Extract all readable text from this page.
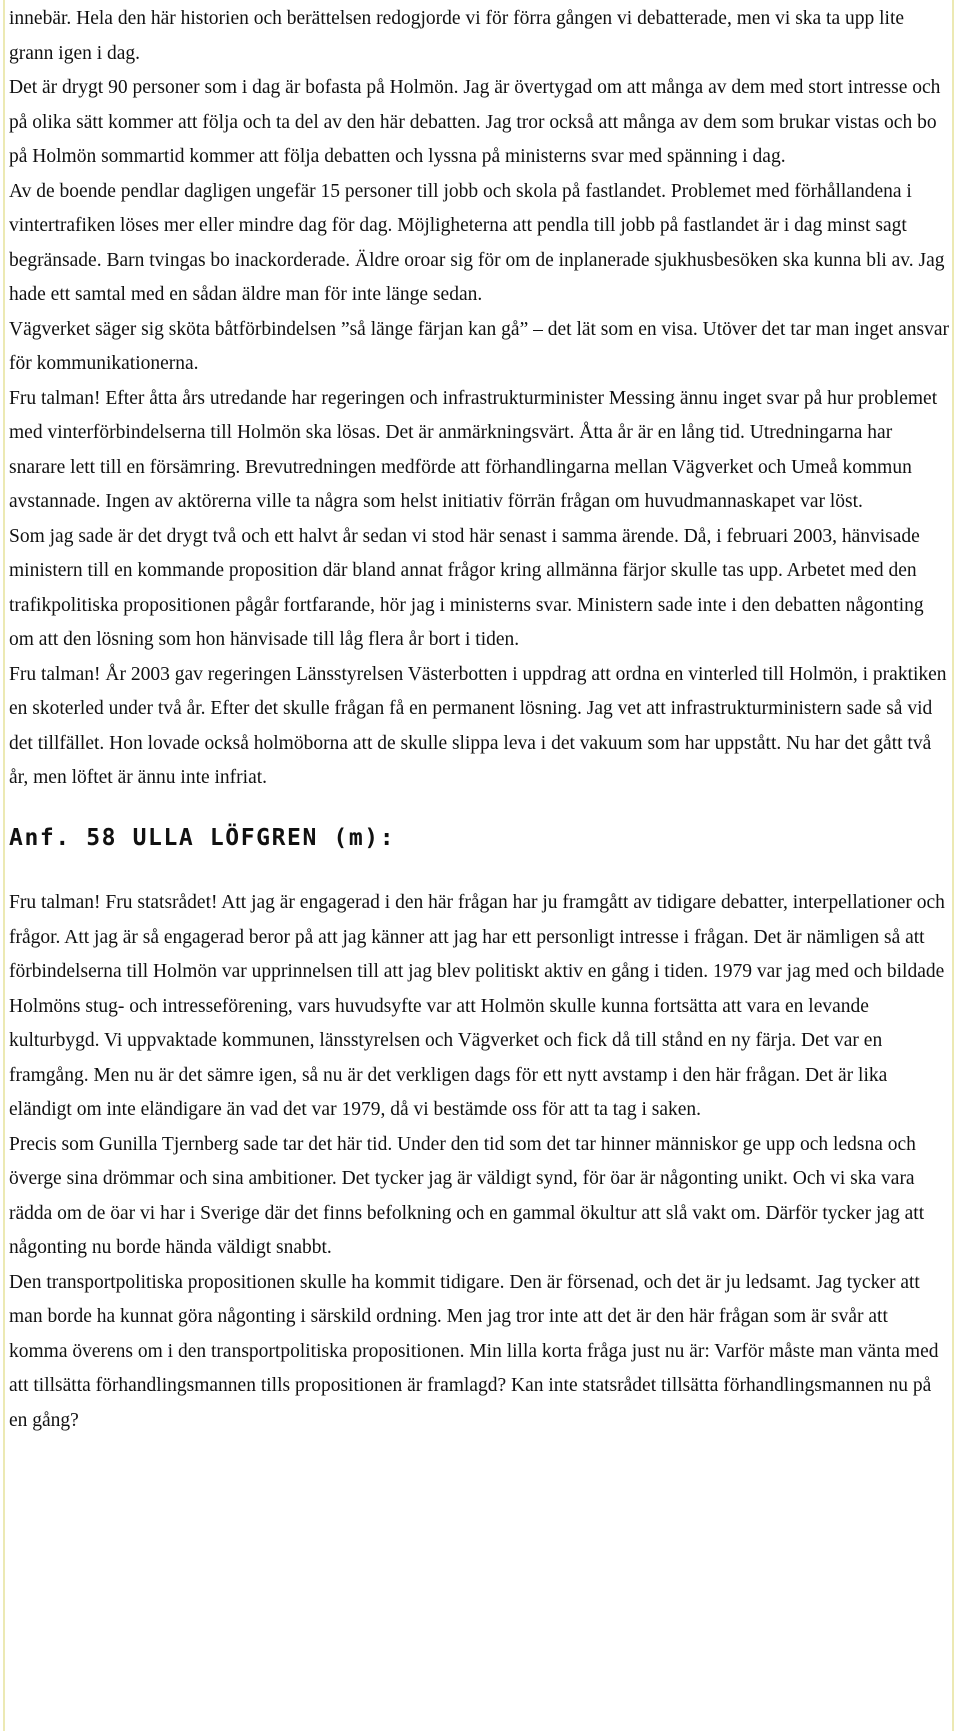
innebär. Hela den här historien och berättelsen redogjorde vi för förra gången vi debatterade, men vi ska ta upp lite grann igen i dag.

Det är drygt 90 personer som i dag är bofasta på Holmön. Jag är övertygad om att många av dem med stort intresse och på olika sätt kommer att följa och ta del av den här debatten. Jag tror också att många av dem som brukar vistas och bo på Holmön sommartid kommer att följa debatten och lyssna på ministerns svar med spänning i dag.

Av de boende pendlar dagligen ungefär 15 personer till jobb och skola på fastlandet. Problemet med förhållandena i vintertrafiken löses mer eller mindre dag för dag. Möjligheterna att pendla till jobb på fastlandet är i dag minst sagt begränsade. Barn tvingas bo inackorderade. Äldre oroar sig för om de inplanerade sjukhusbesöken ska kunna bli av. Jag hade ett samtal med en sådan äldre man för inte länge sedan.

Vägverket säger sig sköta båtförbindelsen ”så länge färjan kan gå” – det lät som en visa. Utöver det tar man inget ansvar för kommunikationerna.

Fru talman! Efter åtta års utredande har regeringen och infrastrukturminister Messing ännu inget svar på hur problemet med vinterförbindelserna till Holmön ska lösas. Det är anmärkningsvärt. Åtta år är en lång tid. Utredningarna har snarare lett till en försämring. Brevutredningen medförde att förhandlingarna mellan Vägverket och Umeå kommun avstannade. Ingen av aktörerna ville ta några som helst initiativ förrän frågan om huvudmannaskapet var löst.

Som jag sade är det drygt två och ett halvt år sedan vi stod här senast i samma ärende. Då, i februari 2003, hänvisade ministern till en kommande proposition där bland annat frågor kring allmänna färjor skulle tas upp. Arbetet med den trafikpolitiska propositionen pågår fortfarande, hör jag i ministerns svar. Ministern sade inte i den debatten någonting om att den lösning som hon hänvisade till låg flera år bort i tiden.

Fru talman! År 2003 gav regeringen Länsstyrelsen Västerbotten i uppdrag att ordna en vinterled till Holmön, i praktiken en skoterled under två år. Efter det skulle frågan få en permanent lösning. Jag vet att infrastrukturministern sade så vid det tillfället. Hon lovade också holmöborna att de skulle slippa leva i det vakuum som har uppstått. Nu har det gått två år, men löftet är ännu inte infriat.

Anf. 58 ULLA LÖFGREN (m):

Fru talman! Fru statsrådet! Att jag är engagerad i den här frågan har ju framgått av tidigare debatter, interpellationer och frågor. Att jag är så engagerad beror på att jag känner att jag har ett personligt intresse i frågan. Det är nämligen så att förbindelserna till Holmön var upprinnelsen till att jag blev politiskt aktiv en gång i tiden. 1979 var jag med och bildade Holmöns stug- och intresseförening, vars huvudsyfte var att Holmön skulle kunna fortsätta att vara en levande kulturbygd. Vi uppvaktade kommunen, länsstyrelsen och Vägverket och fick då till stånd en ny färja. Det var en framgång. Men nu är det sämre igen, så nu är det verkligen dags för ett nytt avstamp i den här frågan. Det är lika eländigt om inte eländigare än vad det var 1979, då vi bestämde oss för att ta tag i saken.

Precis som Gunilla Tjernberg sade tar det här tid. Under den tid som det tar hinner människor ge upp och ledsna och överge sina drömmar och sina ambitioner. Det tycker jag är väldigt synd, för öar är någonting unikt. Och vi ska vara rädda om de öar vi har i Sverige där det finns befolkning och en gammal ökultur att slå vakt om. Därför tycker jag att någonting nu borde hända väldigt snabbt.

Den transportpolitiska propositionen skulle ha kommit tidigare. Den är försenad, och det är ju ledsamt. Jag tycker att man borde ha kunnat göra någonting i särskild ordning. Men jag tror inte att det är den här frågan som är svår att komma överens om i den transportpolitiska propositionen. Min lilla korta fråga just nu är: Varför måste man vänta med att tillsätta förhandlingsmannen tills propositionen är framlagd? Kan inte statsrådet tillsätta förhandlingsmannen nu på en gång?
